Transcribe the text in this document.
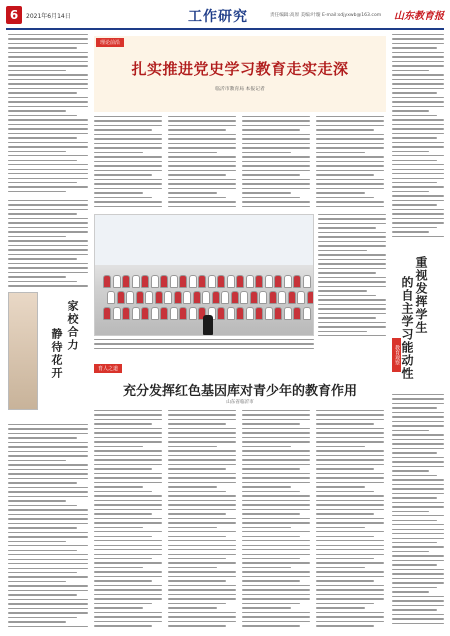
6	2021年6月14日	工作研究	责任编辑:高原 美编:叶璇 E-mail:sdjyxwb@163.com 山东教育报
理论前沿
扎实推进党史学习教育走实走深
临沂市教育局 本报记者
家校合力
静待花开	育人之道
充分发挥红色基因库对青少年的教育作用
山东省临沂市
教育观察
重视发挥学生
的自主学习能动性
